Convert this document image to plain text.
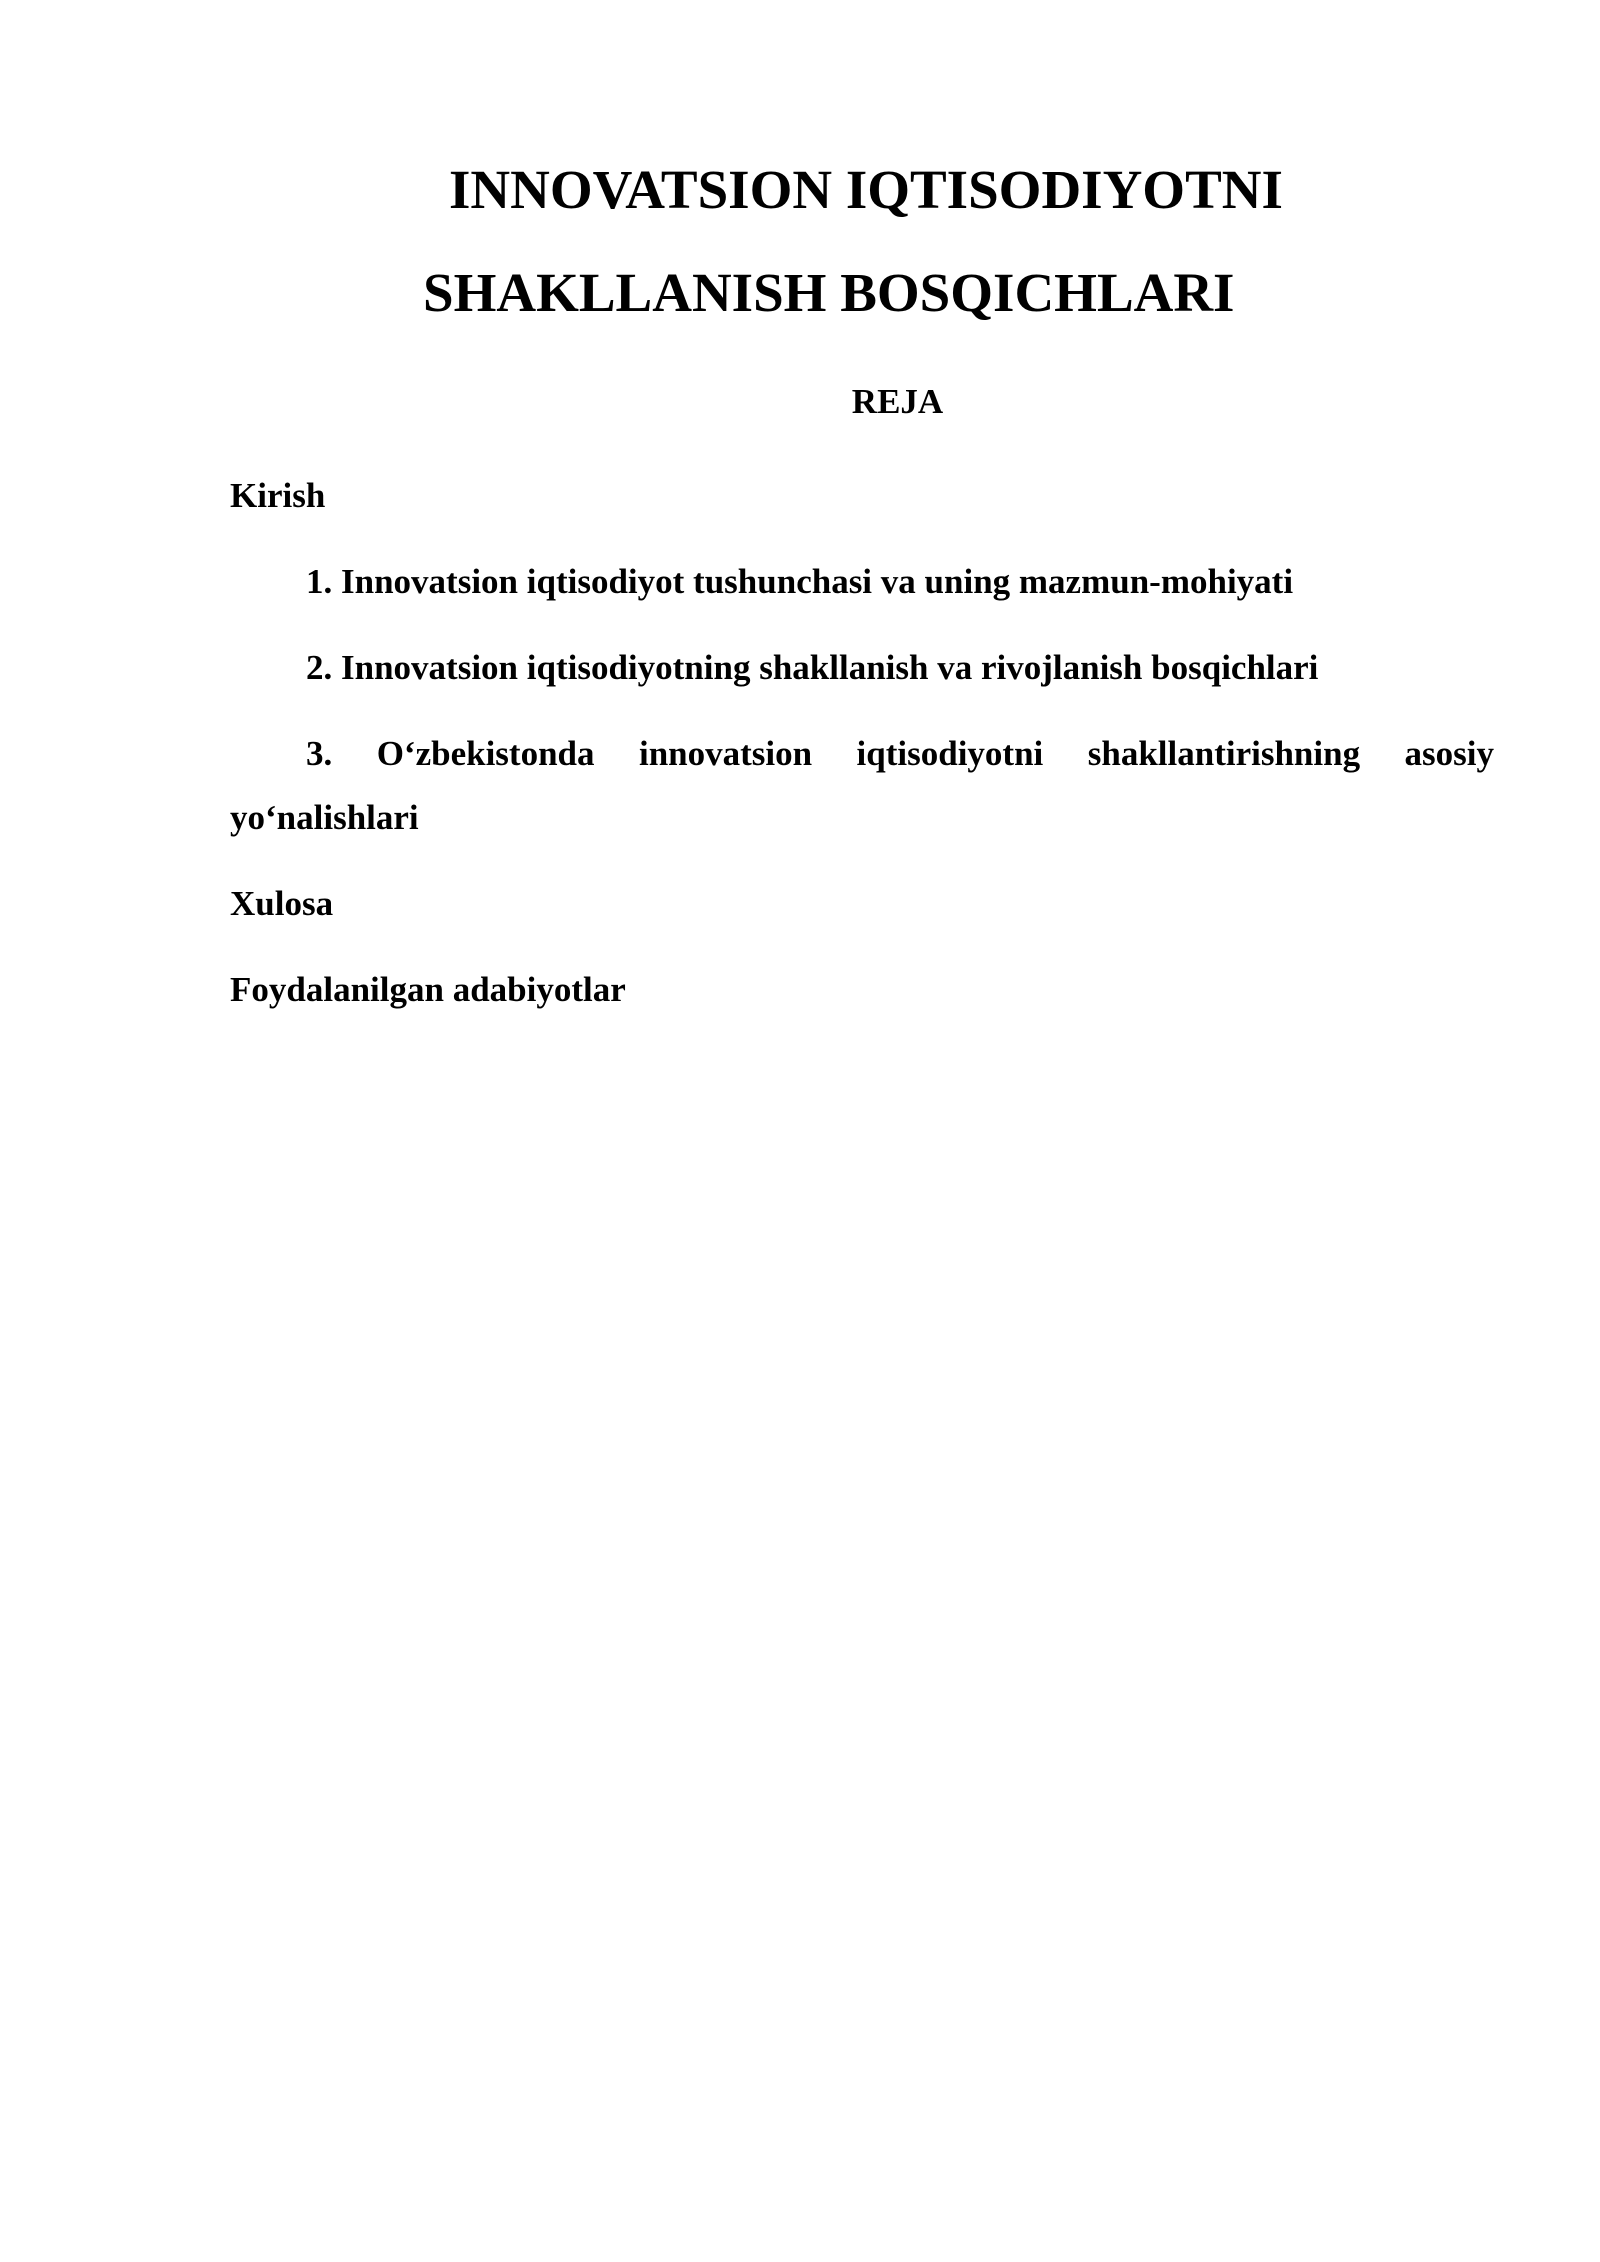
INNOVATSION IQTISODIYOTNI
SHAKLLANISH BOSQICHLARI
REJA

Kirish

1. Innovatsion iqtisodiyot tushunchasi va uning mazmun-mohiyati

2. Innovatsion iqtisodiyotning shakllanish va rivojlanish bosqichlari

3. O‘zbekistonda innovatsion iqtisodiyotni shakllantirishning asosiy yo‘nalishlari

Xulosa

Foydalanilgan adabiyotlar
